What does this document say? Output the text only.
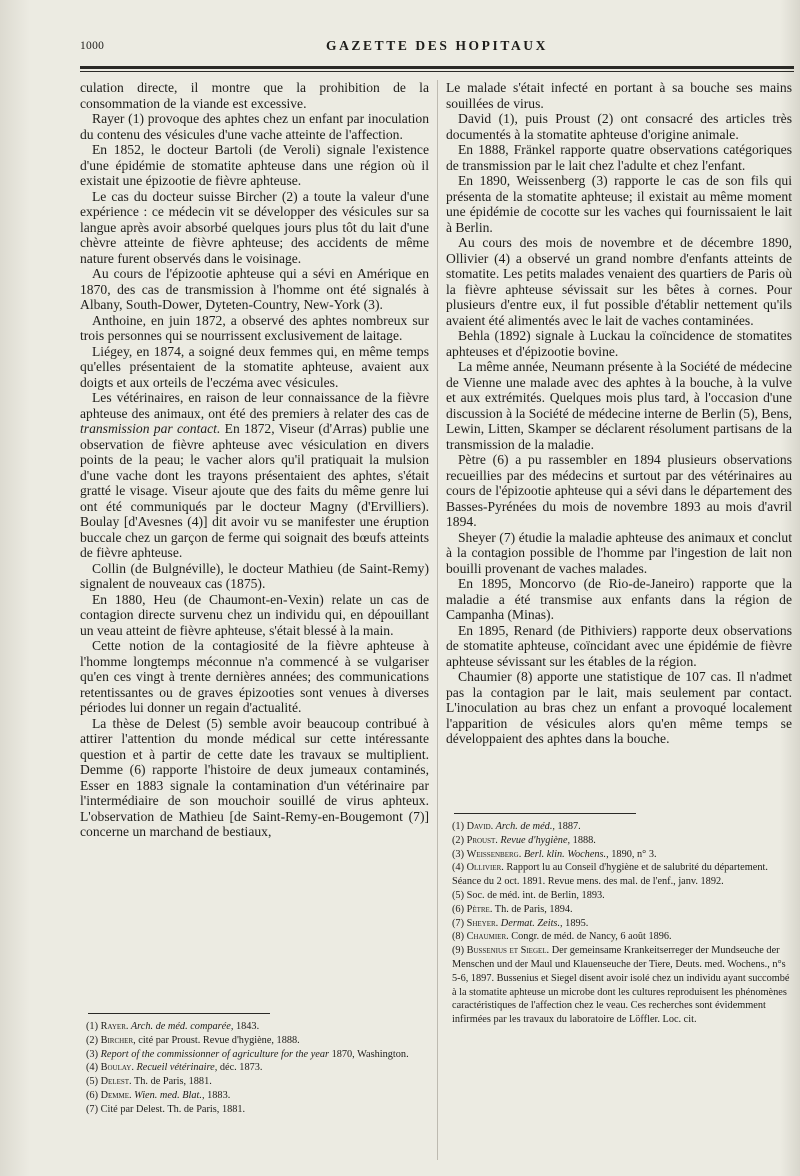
1000	GAZETTE DES HOPITAUX

culation directe, il montre que la prohibition de la consommation de la viande est excessive.

Rayer (1) provoque des aphtes chez un enfant par inoculation du contenu des vésicules d'une vache atteinte de l'affection.

En 1852, le docteur Bartoli (de Veroli) signale l'existence d'une épidémie de stomatite aphteuse dans une région où il existait une épizootie de fièvre aphteuse.

Le cas du docteur suisse Bircher (2) a toute la valeur d'une expérience : ce médecin vit se développer des vésicules sur sa langue après avoir absorbé quelques jours plus tôt du lait d'une chèvre atteinte de fièvre aphteuse; des accidents de même nature furent observés dans le voisinage.

Au cours de l'épizootie aphteuse qui a sévi en Amérique en 1870, des cas de transmission à l'homme ont été signalés à Albany, South-Dower, Dyteten-Country, New-York (3).

Anthoine, en juin 1872, a observé des aphtes nombreux sur trois personnes qui se nourrissent exclusivement de laitage.

Liégey, en 1874, a soigné deux femmes qui, en même temps qu'elles présentaient de la stomatite aphteuse, avaient aux doigts et aux orteils de l'eczéma avec vésicules.

Les vétérinaires, en raison de leur connaissance de la fièvre aphteuse des animaux, ont été des premiers à relater des cas de transmission par contact. En 1872, Viseur (d'Arras) publie une observation de fièvre aphteuse avec vésiculation en divers points de la peau; le vacher alors qu'il pratiquait la mulsion d'une vache dont les trayons présentaient des aphtes, s'était gratté le visage. Viseur ajoute que des faits du même genre lui ont été communiqués par le docteur Magny (d'Ervilliers). Boulay [d'Avesnes (4)] dit avoir vu se manifester une éruption buccale chez un garçon de ferme qui soignait des bœufs atteints de fièvre aphteuse.

Collin (de Bulgnéville), le docteur Mathieu (de Saint-Remy) signalent de nouveaux cas (1875).

En 1880, Heu (de Chaumont-en-Vexin) relate un cas de contagion directe survenu chez un individu qui, en dépouillant un veau atteint de fièvre aphteuse, s'était blessé à la main.

Cette notion de la contagiosité de la fièvre aphteuse à l'homme longtemps méconnue n'a commencé à se vulgariser qu'en ces vingt à trente dernières années; des communications retentissantes ou de graves épizooties sont venues à diverses périodes lui donner un regain d'actualité.

La thèse de Delest (5) semble avoir beaucoup contribué à attirer l'attention du monde médical sur cette intéressante question et à partir de cette date les travaux se multiplient. Demme (6) rapporte l'histoire de deux jumeaux contaminés, Esser en 1883 signale la contamination d'un vétérinaire par l'intermédiaire de son mouchoir souillé de virus aphteux. L'observation de Mathieu [de Saint-Remy-en-Bougemont (7)] concerne un marchand de bestiaux,

Le malade s'était infecté en portant à sa bouche ses mains souillées de virus.

David (1), puis Proust (2) ont consacré des articles très documentés à la stomatite aphteuse d'origine animale.

En 1888, Fränkel rapporte quatre observations catégoriques de transmission par le lait chez l'adulte et chez l'enfant.

En 1890, Weissenberg (3) rapporte le cas de son fils qui présenta de la stomatite aphteuse; il existait au même moment une épidémie de cocotte sur les vaches qui fournissaient le lait à Berlin.

Au cours des mois de novembre et de décembre 1890, Ollivier (4) a observé un grand nombre d'enfants atteints de stomatite. Les petits malades venaient des quartiers de Paris où la fièvre aphteuse sévissait sur les bêtes à cornes. Pour plusieurs d'entre eux, il fut possible d'établir nettement qu'ils avaient été alimentés avec le lait de vaches contaminées.

Behla (1892) signale à Luckau la coïncidence de stomatites aphteuses et d'épizootie bovine.

La même année, Neumann présente à la Société de médecine de Vienne une malade avec des aphtes à la bouche, à la vulve et aux extrémités. Quelques mois plus tard, à l'occasion d'une discussion à la Société de médecine interne de Berlin (5), Bens, Lewin, Litten, Skamper se déclarent résolument partisans de la transmission de la maladie.

Pètre (6) a pu rassembler en 1894 plusieurs observations recueillies par des médecins et surtout par des vétérinaires au cours de l'épizootie aphteuse qui a sévi dans le département des Basses-Pyrénées du mois de novembre 1893 au mois d'avril 1894.

Sheyer (7) étudie la maladie aphteuse des animaux et conclut à la contagion possible de l'homme par l'ingestion de lait non bouilli provenant de vaches malades.

En 1895, Moncorvo (de Rio-de-Janeiro) rapporte que la maladie a été transmise aux enfants dans la région de Campanha (Minas).

En 1895, Renard (de Pithiviers) rapporte deux observations de stomatite aphteuse, coïncidant avec une épidémie de fièvre aphteuse sévissant sur les étables de la région.

Chaumier (8) apporte une statistique de 107 cas. Il n'admet pas la contagion par le lait, mais seulement par contact. L'inoculation au bras chez un enfant a provoqué localement l'apparition de vésicules alors qu'en même temps se développaient des aphtes dans la bouche.

(1) Rayer. Arch. de méd. comparée, 1843.

(2) Bircher, cité par Proust. Revue d'hygiène, 1888.

(3) Report of the commissionner of agriculture for the year 1870, Washington.

(4) Boulay. Recueil vétérinaire, déc. 1873.

(5) Delest. Th. de Paris, 1881.

(6) Demme. Wien. med. Blat., 1883.

(7) Cité par Delest. Th. de Paris, 1881.

(1) David. Arch. de méd., 1887.

(2) Proust. Revue d'hygiène, 1888.

(3) Weissenberg. Berl. klin. Wochens., 1890, n° 3.

(4) Ollivier. Rapport lu au Conseil d'hygiène et de salubrité du département. Séance du 2 oct. 1891. Revue mens. des mal. de l'enf., janv. 1892.

(5) Soc. de méd. int. de Berlin, 1893.

(6) Pètre. Th. de Paris, 1894.

(7) Sheyer. Dermat. Zeits., 1895.

(8) Chaumier. Congr. de méd. de Nancy, 6 août 1896.

(9) Bussenius et Siegel. Der gemeinsame Krankeitserreger der Mundseuche der Menschen und der Maul und Klauenseuche der Tiere, Deuts. med. Wochens., n°s 5-6, 1897. Bussenius et Siegel disent avoir isolé chez un individu ayant succombé à la stomatite aphteuse un microbe dont les cultures reproduisent les phénomènes caractéristiques de l'affection chez le veau. Ces recherches sont évidemment infirmées par les travaux du laboratoire de Löffler. Loc. cit.
